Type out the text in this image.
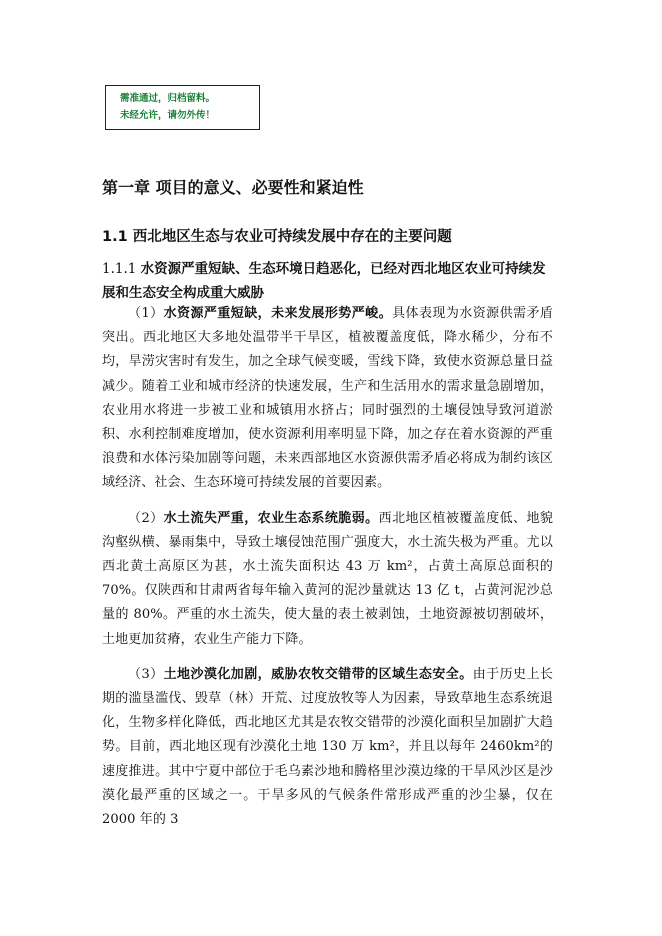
需准通过，归档留料。
未经允许，请勿外传！
第一章 项目的意义、必要性和紧迫性
1.1 西北地区生态与农业可持续发展中存在的主要问题
1.1.1 水资源严重短缺、生态环境日趋恶化，已经对西北地区农业可持续发展和生态安全构成重大威胁

（1）水资源严重短缺，未来发展形势严峻。具体表现为水资源供需矛盾突出。西北地区大多地处温带半干旱区，植被覆盖度低，降水稀少，分布不均，旱涝灾害时有发生，加之全球气候变暖，雪线下降，致使水资源总量日益减少。随着工业和城市经济的快速发展，生产和生活用水的需求量急剧增加，农业用水将进一步被工业和城镇用水挤占；同时强烈的土壤侵蚀导致河道淤积、水利控制难度增加，使水资源利用率明显下降，加之存在着水资源的严重浪费和水体污染加剧等问题，未来西部地区水资源供需矛盾必将成为制约该区域经济、社会、生态环境可持续发展的首要因素。

（2）水土流失严重，农业生态系统脆弱。西北地区植被覆盖度低、地貌沟壑纵横、暴雨集中，导致土壤侵蚀范围广强度大，水土流失极为严重。尤以西北黄土高原区为甚，水土流失面积达 43 万 km²，占黄土高原总面积的 70%。仅陕西和甘肃两省每年输入黄河的泥沙量就达 13 亿 t，占黄河泥沙总量的 80%。严重的水土流失，使大量的表土被剥蚀，土地资源被切割破坏，土地更加贫瘠，农业生产能力下降。

（3）土地沙漠化加剧，威胁农牧交错带的区域生态安全。由于历史上长期的滥垦滥伐、毁草（林）开荒、过度放牧等人为因素，导致草地生态系统退化，生物多样化降低，西北地区尤其是农牧交错带的沙漠化面积呈加剧扩大趋势。目前，西北地区现有沙漠化土地 130 万 km²，并且以每年 2460km²的速度推进。其中宁夏中部位于毛乌素沙地和腾格里沙漠边缘的干旱风沙区是沙漠化最严重的区域之一。干旱多风的气候条件常形成严重的沙尘暴，仅在 2000 年的 3
